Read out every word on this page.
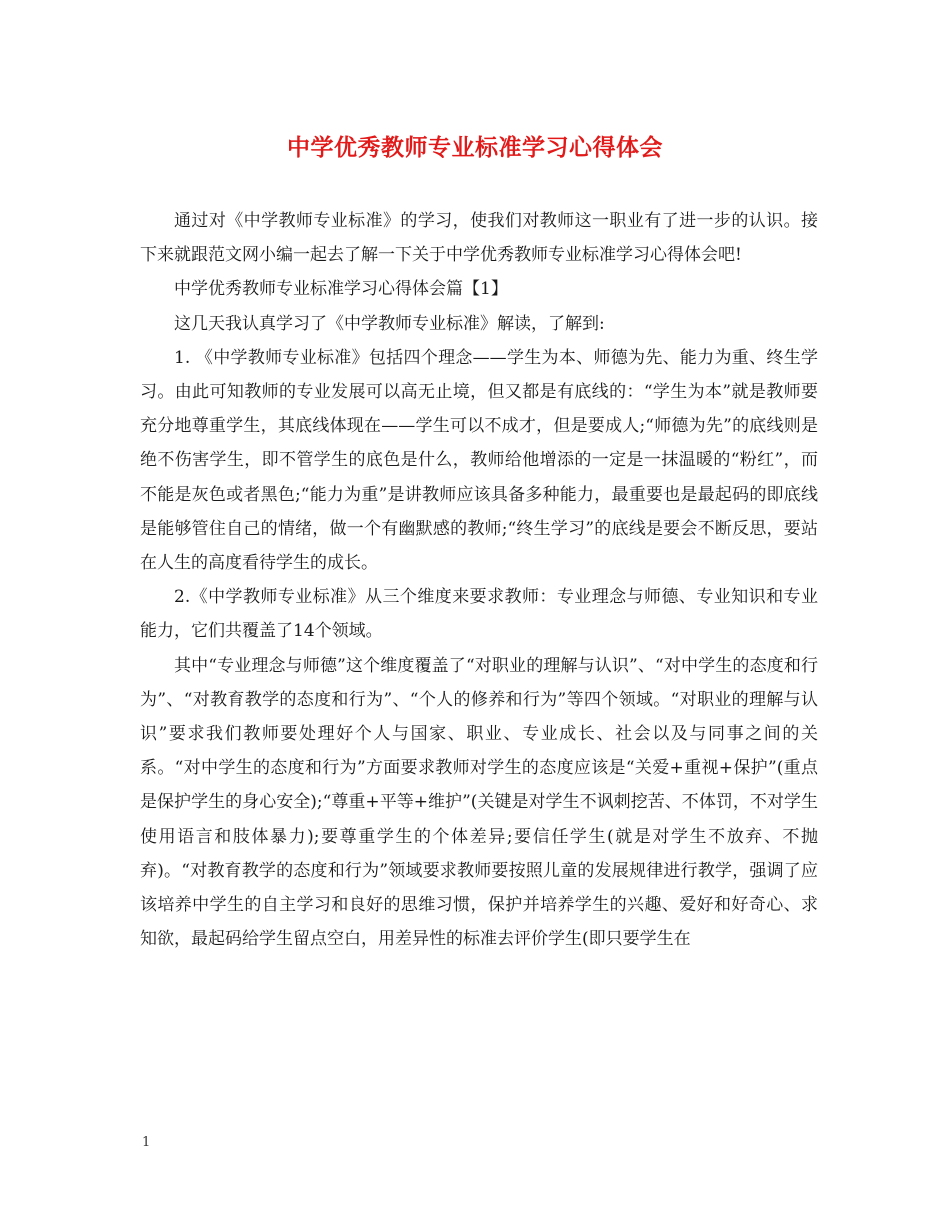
中学优秀教师专业标准学习心得体会

通过对《中学教师专业标准》的学习，使我们对教师这一职业有了进一步的认识。接下来就跟范文网小编一起去了解一下关于中学优秀教师专业标准学习心得体会吧!

中学优秀教师专业标准学习心得体会篇【1】

这几天我认真学习了《中学教师专业标准》解读，了解到:

1. 《中学教师专业标准》包括四个理念——学生为本、师德为先、能力为重、终生学习。由此可知教师的专业发展可以高无止境，但又都是有底线的：“学生为本”就是教师要充分地尊重学生，其底线体现在——学生可以不成才，但是要成人;“师德为先”的底线则是绝不伤害学生，即不管学生的底色是什么，教师给他增添的一定是一抹温暖的“粉红”，而不能是灰色或者黑色;“能力为重”是讲教师应该具备多种能力，最重要也是最起码的即底线是能够管住自己的情绪，做一个有幽默感的教师;“终生学习”的底线是要会不断反思，要站在人生的高度看待学生的成长。

2.《中学教师专业标准》从三个维度来要求教师：专业理念与师德、专业知识和专业能力，它们共覆盖了14个领域。

其中“专业理念与师德”这个维度覆盖了“对职业的理解与认识”、“对中学生的态度和行为”、“对教育教学的态度和行为”、“个人的修养和行为”等四个领域。“对职业的理解与认识”要求我们教师要处理好个人与国家、职业、专业成长、社会以及与同事之间的关系。“对中学生的态度和行为”方面要求教师对学生的态度应该是“关爱+重视+保护”(重点是保护学生的身心安全);“尊重+平等+维护”(关键是对学生不讽刺挖苦、不体罚，不对学生使用语言和肢体暴力);要尊重学生的个体差异;要信任学生(就是对学生不放弃、不抛弃)。“对教育教学的态度和行为”领域要求教师要按照儿童的发展规律进行教学，强调了应该培养中学生的自主学习和良好的思维习惯，保护并培养学生的兴趣、爱好和好奇心、求知欲，最起码给学生留点空白，用差异性的标准去评价学生(即只要学生在

1
